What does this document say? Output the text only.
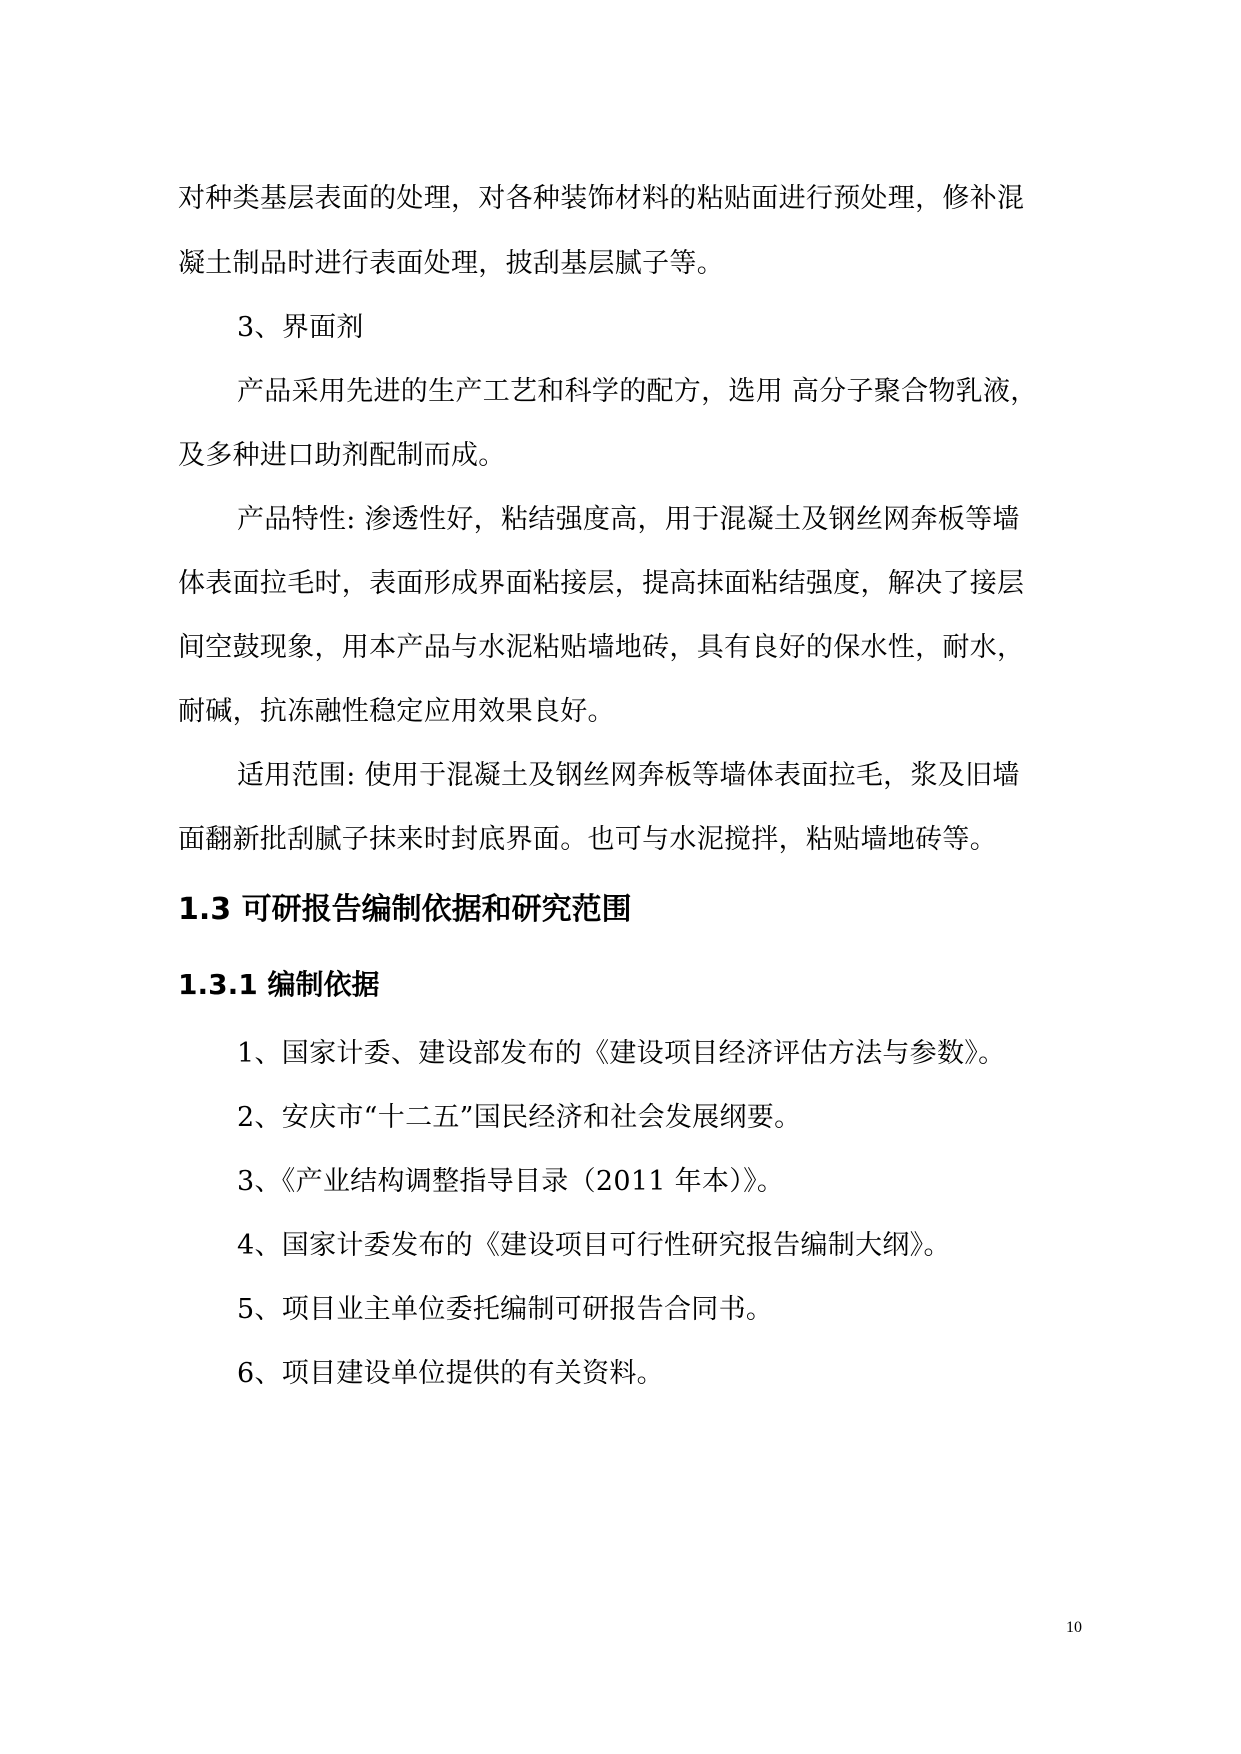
对种类基层表面的处理，对各种装饰材料的粘贴面进行预处理，修补混
凝土制品时进行表面处理，披刮基层腻子等。
3、界面剂
产品采用先进的生产工艺和科学的配方，选用 高分子聚合物乳液，
及多种进口助剂配制而成。
产品特性: 渗透性好，粘结强度高，用于混凝土及钢丝网奔板等墙
体表面拉毛时，表面形成界面粘接层，提高抹面粘结强度，解决了接层
间空鼓现象，用本产品与水泥粘贴墙地砖，具有良好的保水性，耐水，
耐碱，抗冻融性稳定应用效果良好。
适用范围: 使用于混凝土及钢丝网奔板等墙体表面拉毛，浆及旧墙
面翻新批刮腻子抹来时封底界面。也可与水泥搅拌，粘贴墙地砖等。
1.3 可研报告编制依据和研究范围
1.3.1 编制依据
1、国家计委、建设部发布的《建设项目经济评估方法与参数》。
2、安庆市“十二五”国民经济和社会发展纲要。
3、《产业结构调整指导目录（2011 年本）》。
4、国家计委发布的《建设项目可行性研究报告编制大纲》。
5、项目业主单位委托编制可研报告合同书。
6、项目建设单位提供的有关资料。
10
